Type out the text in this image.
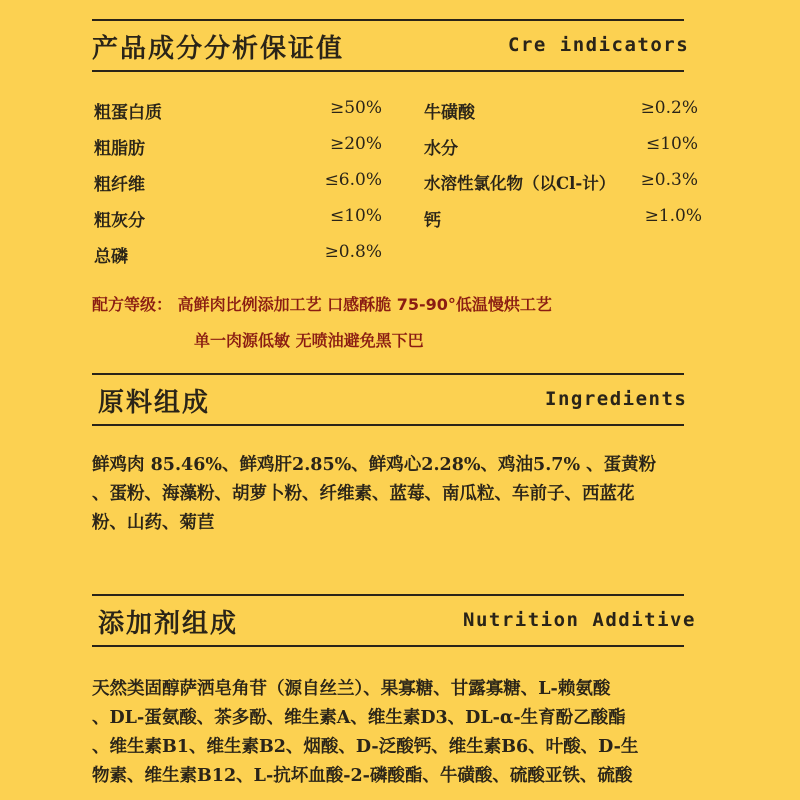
产品成分分析保证值	Cre indicators
粗蛋白质	≥50%
粗脂肪	≥20%
粗纤维	≤6.0%
粗灰分	≤10%
总磷	≥0.8%
牛磺酸	≥0.2%
水分	≤10%
水溶性氯化物（以Cl-计） ≥0.3%
钙	≥1.0%
配方等级： 高鲜肉比例添加工艺 口感酥脆 75-90°低温慢烘工艺
单一肉源低敏 无喷油避免黑下巴
原料组成	Ingredients
鲜鸡肉 85.46%、鲜鸡肝2.85%、鲜鸡心2.28%、鸡油5.7% 、蛋黄粉
、蛋粉、海藻粉、胡萝卜粉、纤维素、蓝莓、南瓜粒、车前子、西蓝花
粉、山药、菊苣
添加剂组成	Nutrition Additive
天然类固醇萨洒皂角苷（源自丝兰）、果寡糖、甘露寡糖、L-赖氨酸
、DL-蛋氨酸、茶多酚、维生素A、维生素D3、DL-α-生育酚乙酸酯
、维生素B1、维生素B2、烟酸、D-泛酸钙、维生素B6、叶酸、D-生
物素、维生素B12、L-抗坏血酸-2-磷酸酯、牛磺酸、硫酸亚铁、硫酸
